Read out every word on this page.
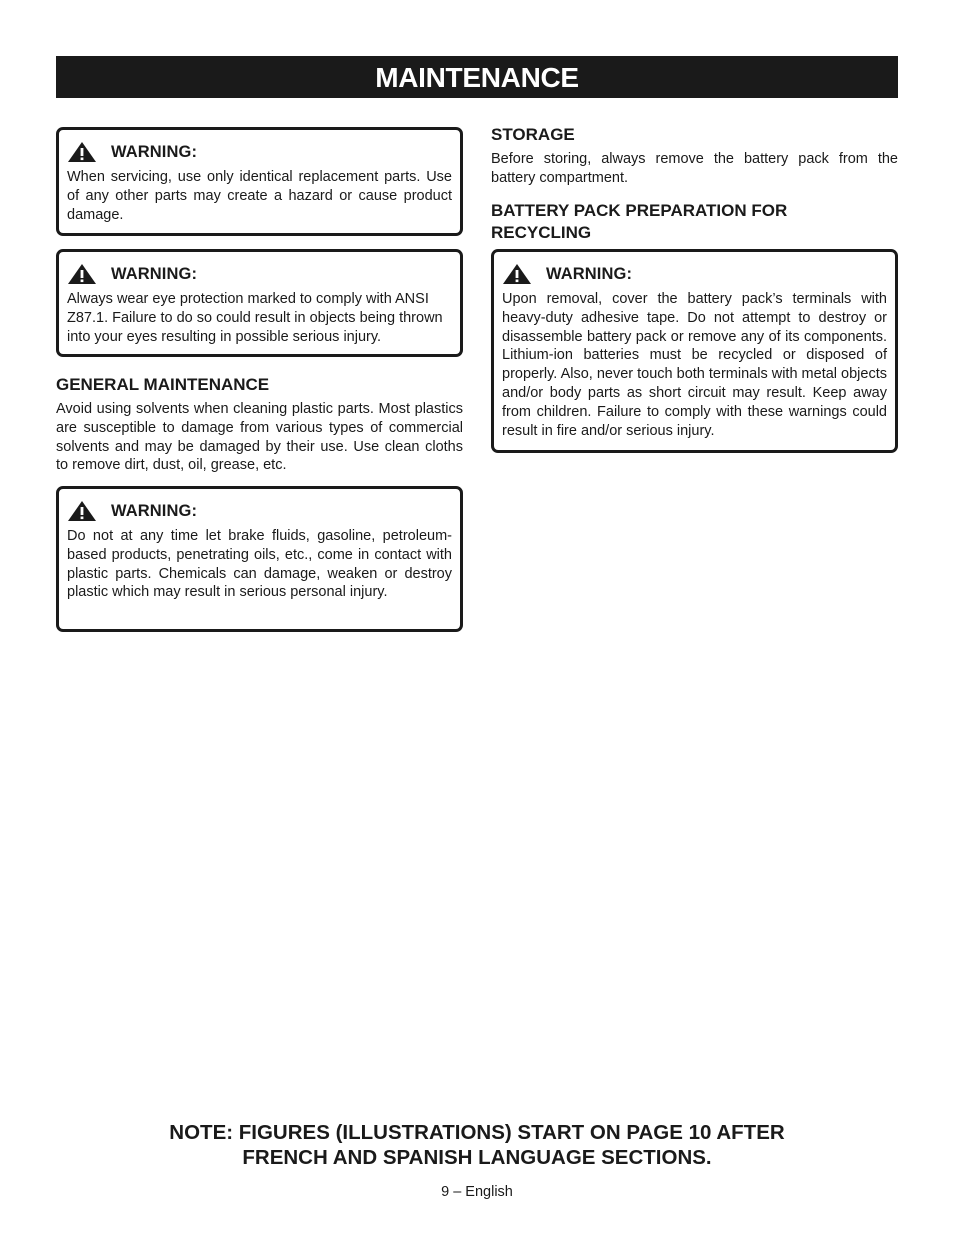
MAINTENANCE
WARNING:
When servicing, use only identical replacement parts. Use of any other parts may create a hazard or cause product damage.
WARNING:
Always wear eye protection marked to comply with ANSI Z87.1. Failure to do so could result in objects being thrown into your eyes resulting in possible serious injury.
GENERAL MAINTENANCE
Avoid using solvents when cleaning plastic parts. Most plastics are susceptible to damage from various types of commercial solvents and may be damaged by their use. Use clean cloths to remove dirt, dust, oil, grease, etc.
WARNING:
Do not at any time let brake fluids, gasoline, petroleum-based products, penetrating oils, etc., come in contact with plastic parts. Chemicals can damage, weaken or destroy plastic which may result in serious personal injury.
STORAGE
Before storing, always remove the battery pack from the battery compartment.
BATTERY PACK PREPARATION FOR RECYCLING
WARNING:
Upon removal, cover the battery pack’s terminals with heavy-duty adhesive tape. Do not attempt to destroy or disassemble battery pack or remove any of its components. Lithium-ion batteries must be recycled or disposed of properly. Also, never touch both terminals with metal objects and/or body parts as short circuit may result. Keep away from children. Failure to comply with these warnings could result in fire and/or serious injury.
NOTE: FIGURES (ILLUSTRATIONS) START ON PAGE 10 AFTER
FRENCH AND SPANISH LANGUAGE SECTIONS.
9 – English
